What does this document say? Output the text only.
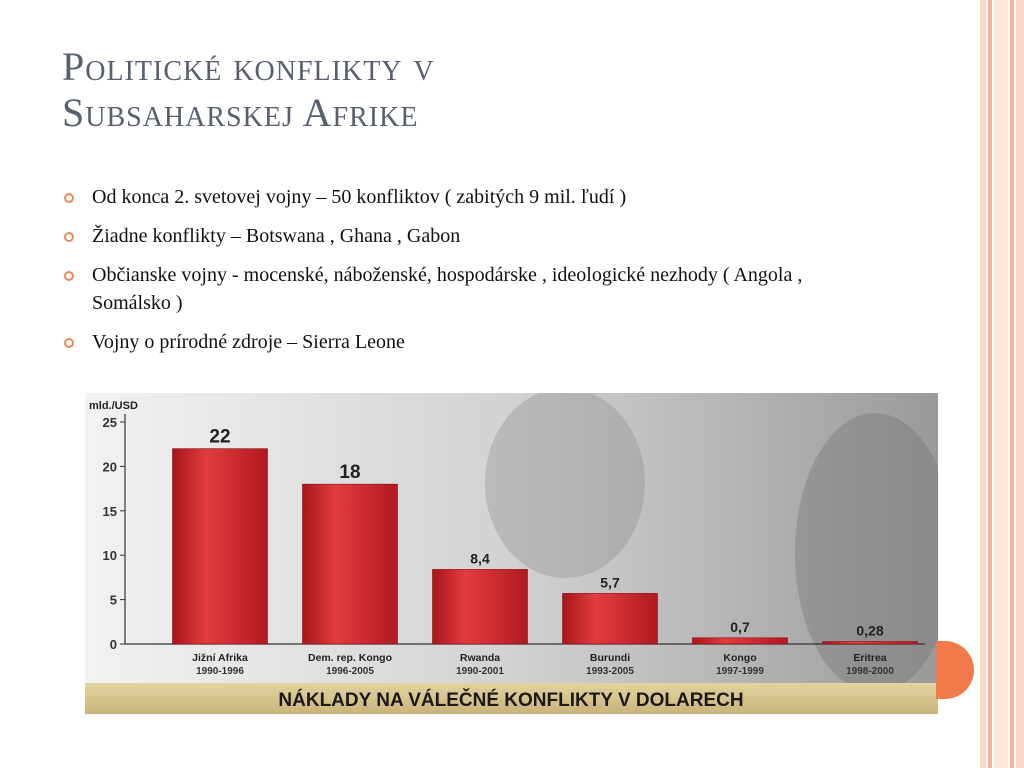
Politické konflikty v
Subsaharskej Afrike
Od konca 2. svetovej vojny – 50 konfliktov ( zabitých 9 mil. ľudí )
Žiadne konflikty – Botswana , Ghana , Gabon
Občianske vojny - mocenské, náboženské, hospodárske , ideologické nezhody ( Angola , Somálsko )
Vojny o prírodné zdroje – Sierra Leone
NÁKLADY NA VÁLEČNÉ KONFLIKTY V DOLARECH
mld./USD
0
5
10
15
20
25
22
Jižní Afrika
1990-1996
18
Dem. rep. Kongo
1996-2005
8,4
Rwanda
1990-2001
5,7
Burundi
1993-2005
0,7
Kongo
1997-1999
0,28
Eritrea
1998-2000
